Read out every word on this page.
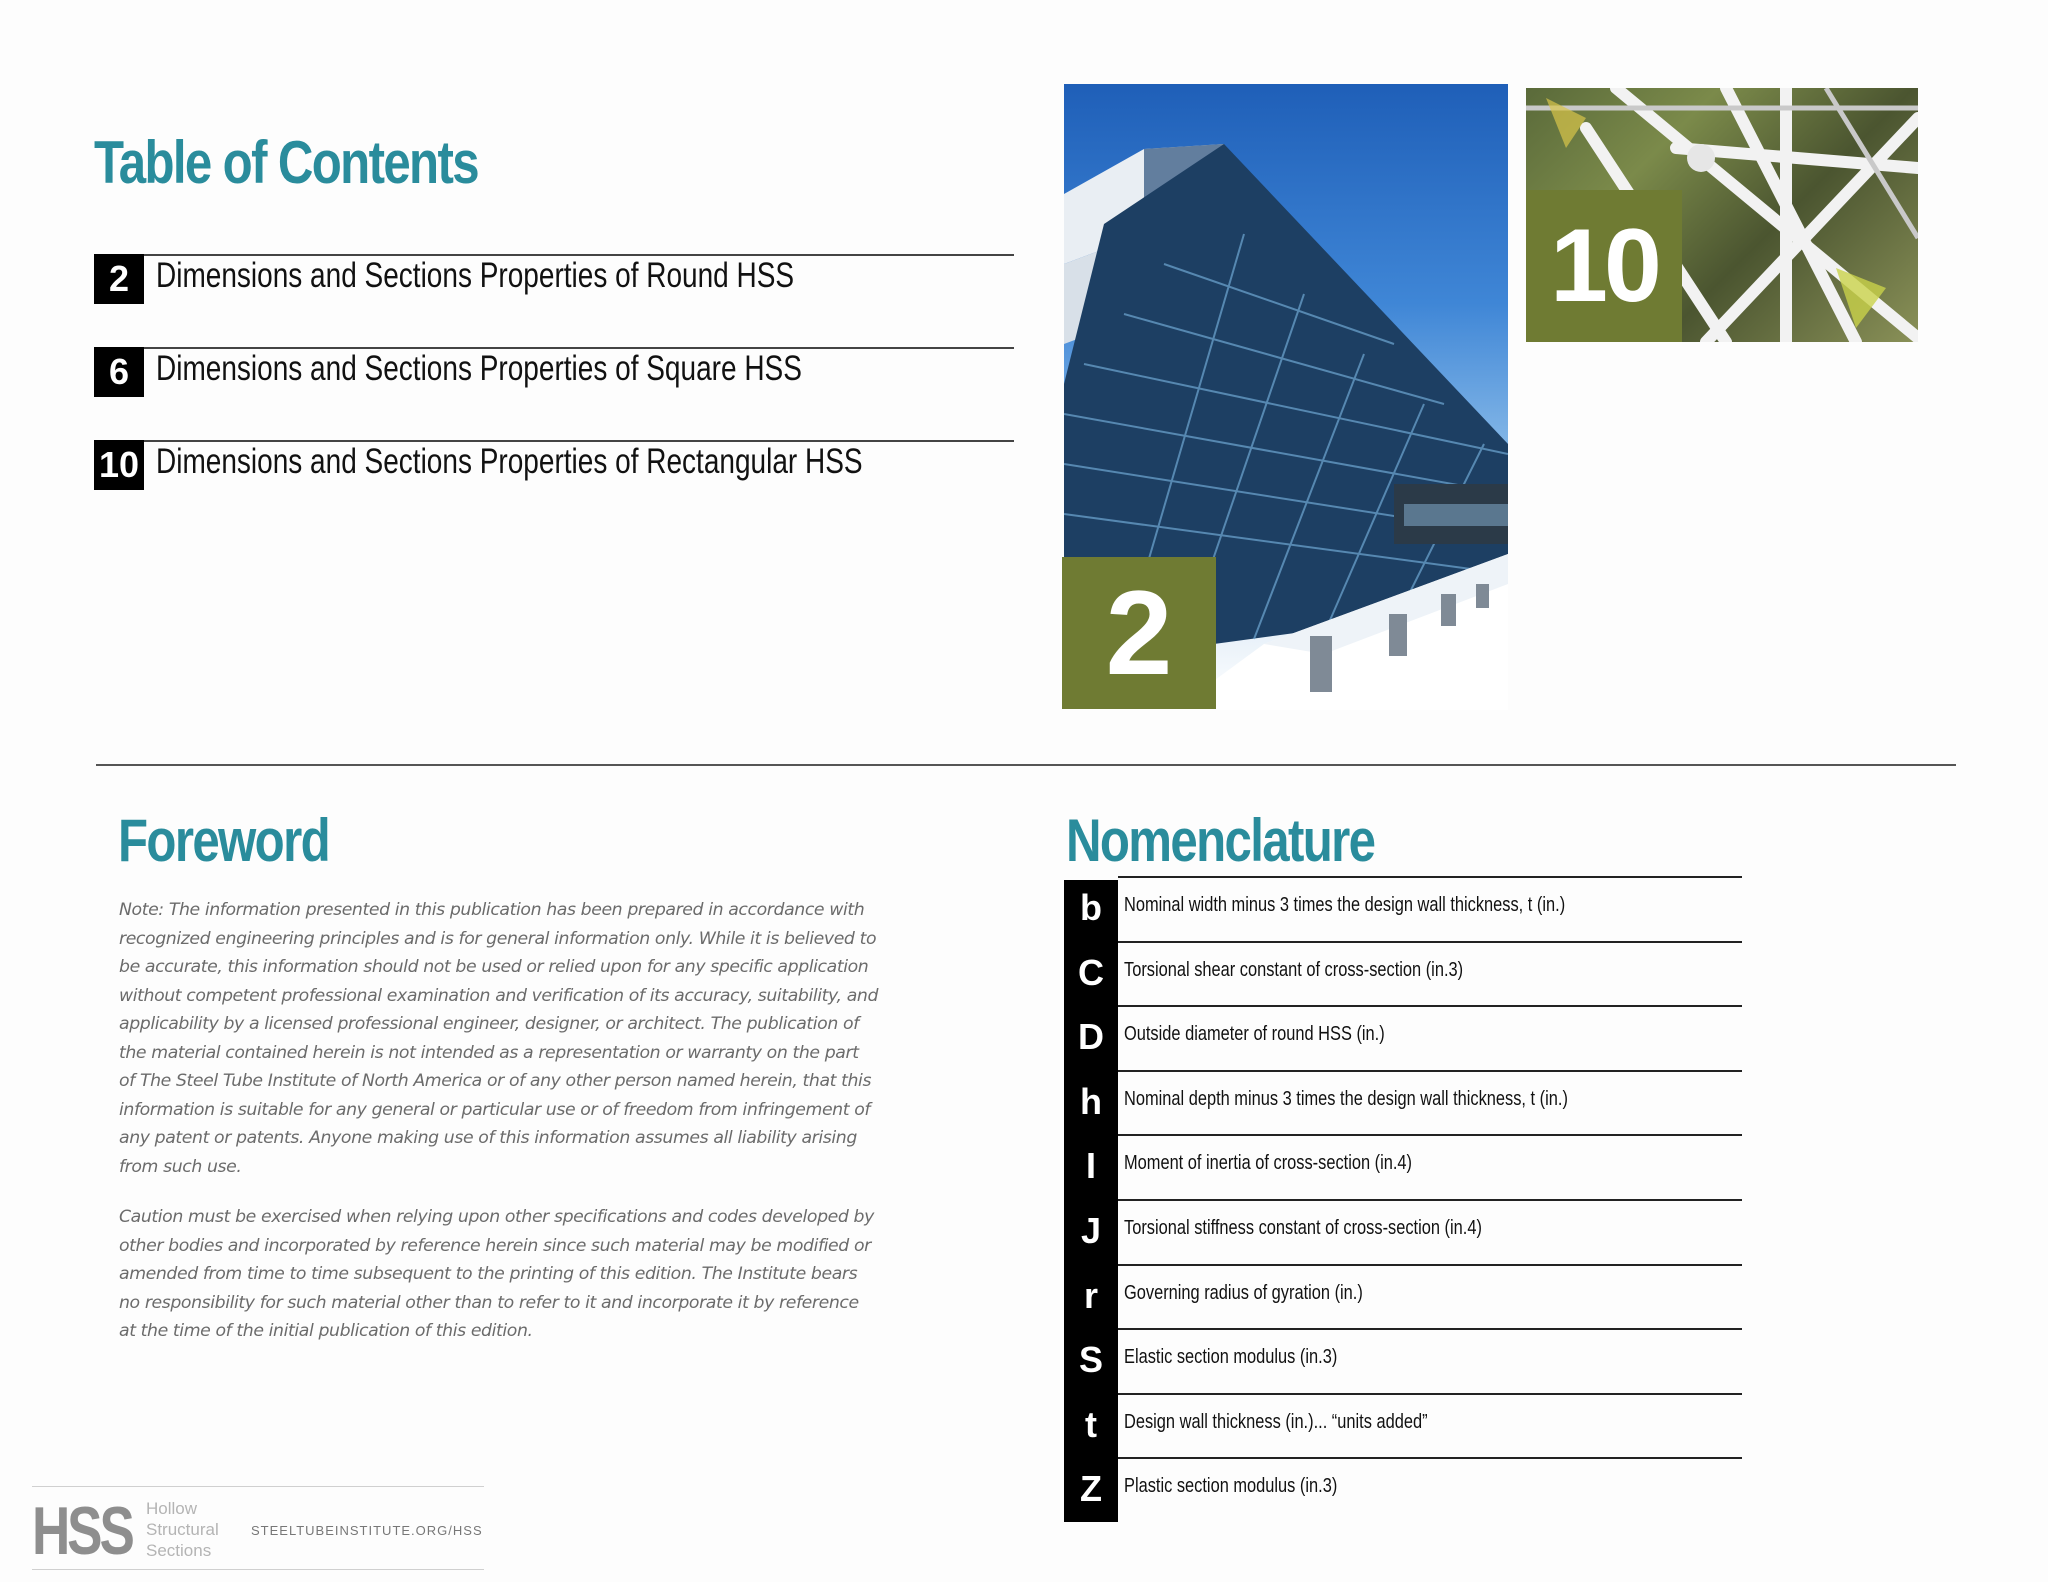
Table of Contents
2 Dimensions and Sections Properties of Round HSS
6 Dimensions and Sections Properties of Square HSS
10 Dimensions and Sections Properties of Rectangular HSS
2
10
Foreword

Note: The information presented in this publication has been prepared in accordance with recognized engineering principles and is for general information only. While it is believed to be accurate, this information should not be used or relied upon for any specific application without competent professional examination and verification of its accuracy, suitability, and applicability by a licensed professional engineer, designer, or architect. The publication of the material contained herein is not intended as a representation or warranty on the part of The Steel Tube Institute of North America or of any other person named herein, that this information is suitable for any general or particular use or of freedom from infringement of any patent or patents. Anyone making use of this information assumes all liability arising from such use.

Caution must be exercised when relying upon other specifications and codes developed by other bodies and incorporated by reference herein since such material may be modified or amended from time to time subsequent to the printing of this edition. The Institute bears no responsibility for such material other than to refer to it and incorporate it by reference at the time of the initial publication of this edition.

Nomenclature
b	Nominal width minus 3 times the design wall thickness, t (in.)
C Torsional shear constant of cross-section (in.3)
D Outside diameter of round HSS (in.)
h	Nominal depth minus 3 times the design wall thickness, t (in.)
I	Moment of inertia of cross-section (in.4)
J	Torsional stiffness constant of cross-section (in.4)
r	Governing radius of gyration (in.)
S	Elastic section modulus (in.3)
t	Design wall thickness (in.)... “units added”
Z	Plastic section modulus (in.3)
HSS Hollow
Structural
Sections
STEELTUBEINSTITUTE.ORG/HSS
